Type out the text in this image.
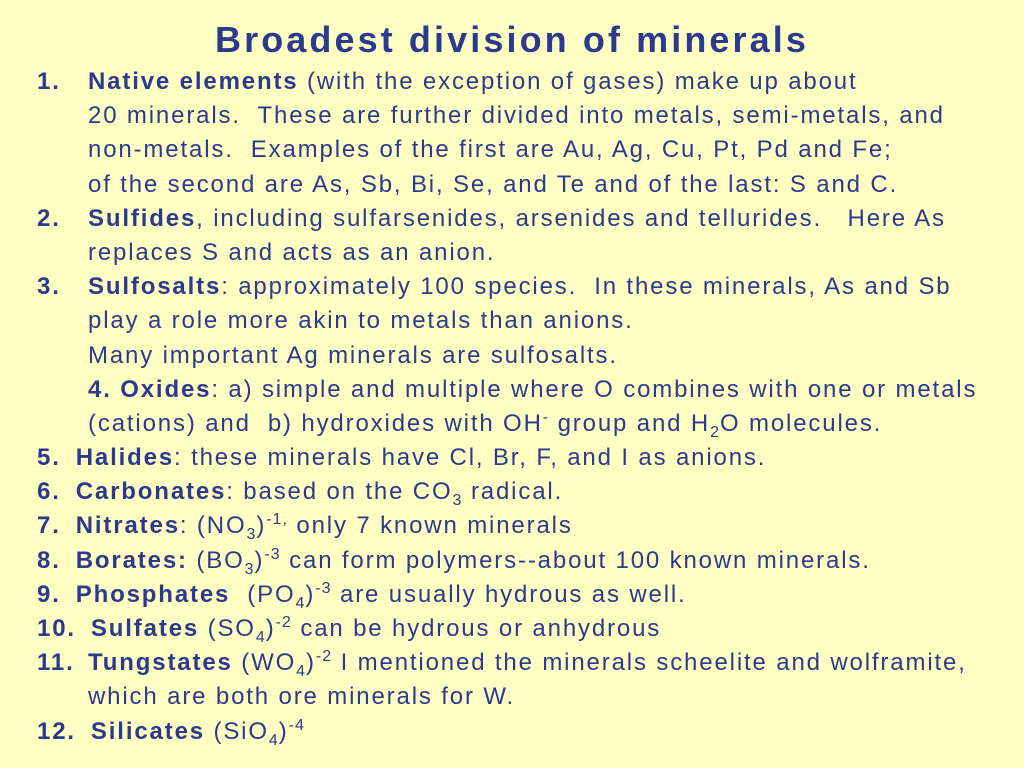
Broadest division of minerals
1. Native elements  (with the exception of gases) make up about
20 minerals.  These are further divided into metals, semi-metals, and
non-metals.  Examples of the first are Au, Ag, Cu, Pt, Pd and Fe;
of the second are As, Sb, Bi, Se, and Te and of the last: S and C.
2. Sulfides , including sulfarsenides, arsenides and tellurides.   Here As
replaces S and acts as an anion.
3. Sulfosalts : approximately 100 species.  In these minerals, As and Sb
play a role more akin to metals than anions.
Many important Ag minerals are sulfosalts.
4. Oxides : a) simple and multiple where O combines with one or metals
(cations) and  b) hydroxides with OH -  group and H 2 O molecules.
5. Halides : these minerals have Cl, Br, F, and I as anions.
6. Carbonates : based on the CO 3  radical.
7. Nitrates : (NO 3 ) -1,  only 7 known minerals
8. Borates:  (BO 3 ) -3  can form polymers--about 100 known minerals.
9. Phosphates   (PO 4 ) -3  are usually hydrous as well.
10. Sulfates  (SO 4 ) -2  can be hydrous or anhydrous
11. Tungstates  (WO 4 ) -2  I mentioned the minerals scheelite and wolframite,
which are both ore minerals for W.
12. Silicates  (SiO 4 ) -4
